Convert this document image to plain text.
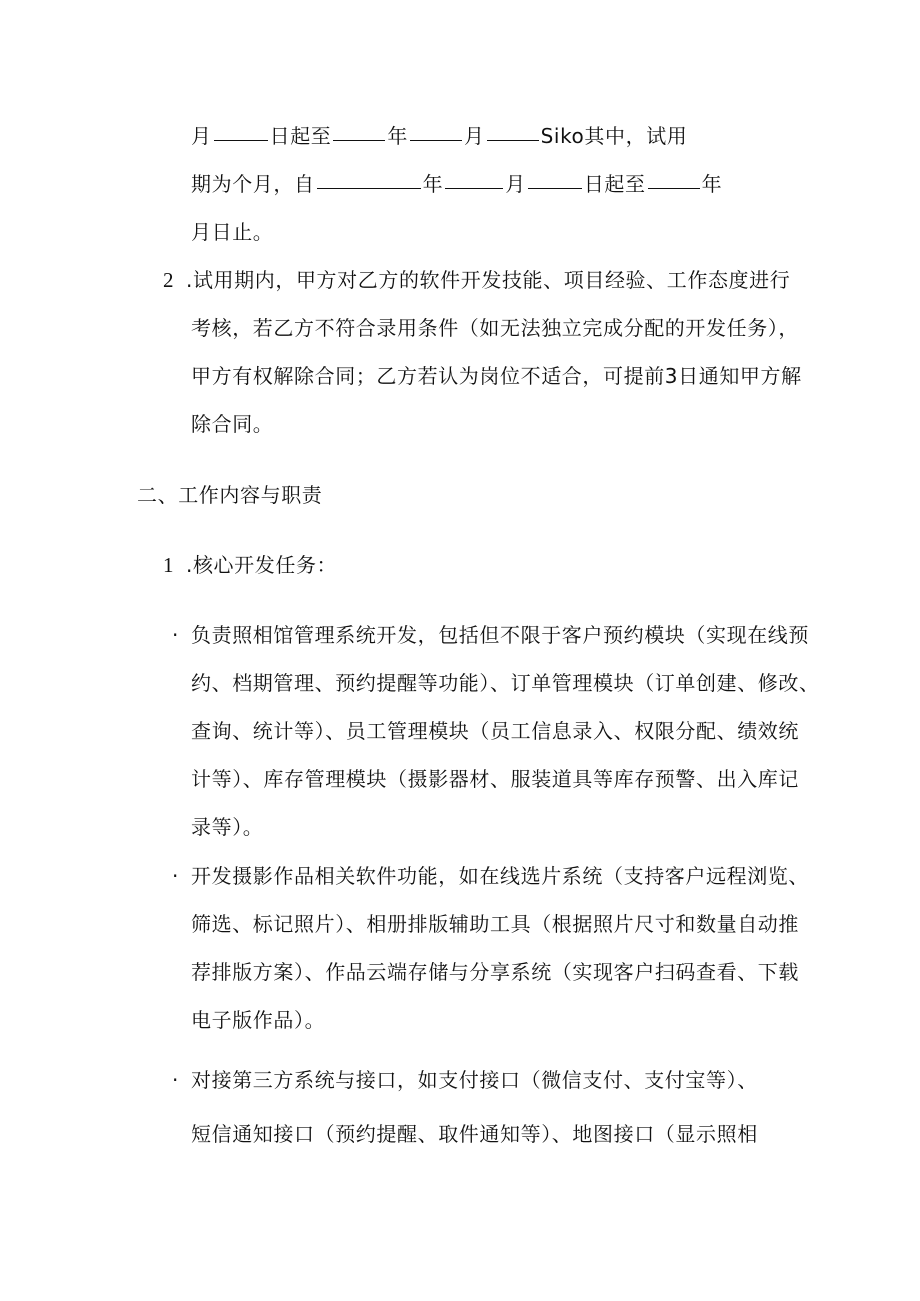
月	日起至	年	月	Siko其中，试用
期为个月，自	年	月	日起至	年
月日止。
2 .试用期内，甲方对乙方的软件开发技能、项目经验、工作态度进行
考核，若乙方不符合录用条件（如无法独立完成分配的开发任务），
甲方有权解除合同；乙方若认为岗位不适合，可提前3日通知甲方解
除合同。
二、工作内容与职责
1 .核心开发任务：
· 负责照相馆管理系统开发，包括但不限于客户预约模块（实现在线预
约、档期管理、预约提醒等功能）、订单管理模块（订单创建、修改、
查询、统计等）、员工管理模块（员工信息录入、权限分配、绩效统
计等）、库存管理模块（摄影器材、服装道具等库存预警、出入库记
录等）。
· 开发摄影作品相关软件功能，如在线选片系统（支持客户远程浏览、
筛选、标记照片）、相册排版辅助工具（根据照片尺寸和数量自动推
荐排版方案）、作品云端存储与分享系统（实现客户扫码查看、下载
电子版作品）。
· 对接第三方系统与接口，如支付接口（微信支付、支付宝等）、
短信通知接口（预约提醒、取件通知等）、地图接口（显示照相
